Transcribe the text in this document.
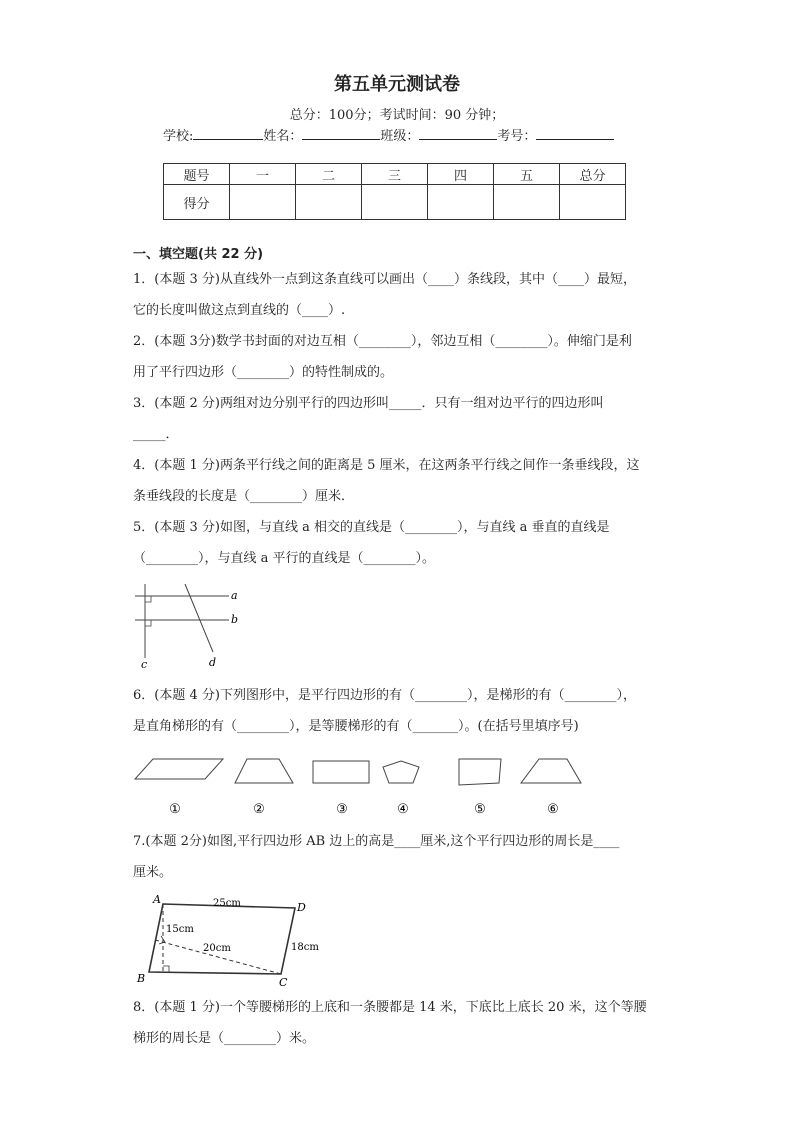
第五单元测试卷
总分：100分；考试时间：90 分钟；
学校:	姓名：	班级：	考号：
题号	一	二	三	四	五	总分
得分						
一、填空题(共 22 分)

1．(本题 3 分)从直线外一点到这条直线可以画出（____）条线段，其中（____）最短，

它的长度叫做这点到直线的（____）.

2．(本题 3分)数学书封面的对边互相（________），邻边互相（________）。伸缩门是利

用了平行四边形（________）的特性制成的。

3．(本题 2 分)两组对边分别平行的四边形叫_____．只有一组对边平行的四边形叫

_____．

4．(本题 1 分)两条平行线之间的距离是 5 厘米，在这两条平行线之间作一条垂线段，这

条垂线段的长度是（________）厘米．

5．(本题 3 分)如图，与直线 a 相交的直线是（________），与直线 a 垂直的直线是

（________），与直线 a 平行的直线是（________）。

a
b
c	d

6．(本题 4 分)下列图形中，是平行四边形的有（________），是梯形的有（________），

是直角梯形的有（________），是等腰梯形的有（_______）。(在括号里填序号)

①	②	③	④	⑤	⑥

7.(本题 2分)如图,平行四边形 AB 边上的高是____厘米,这个平行四边形的周长是____

厘米。

A
B	C
D
25cm
15cm
20cm	18cm

8．(本题 1 分)一个等腰梯形的上底和一条腰都是 14 米，下底比上底长 20 米，这个等腰

梯形的周长是（________）米。
